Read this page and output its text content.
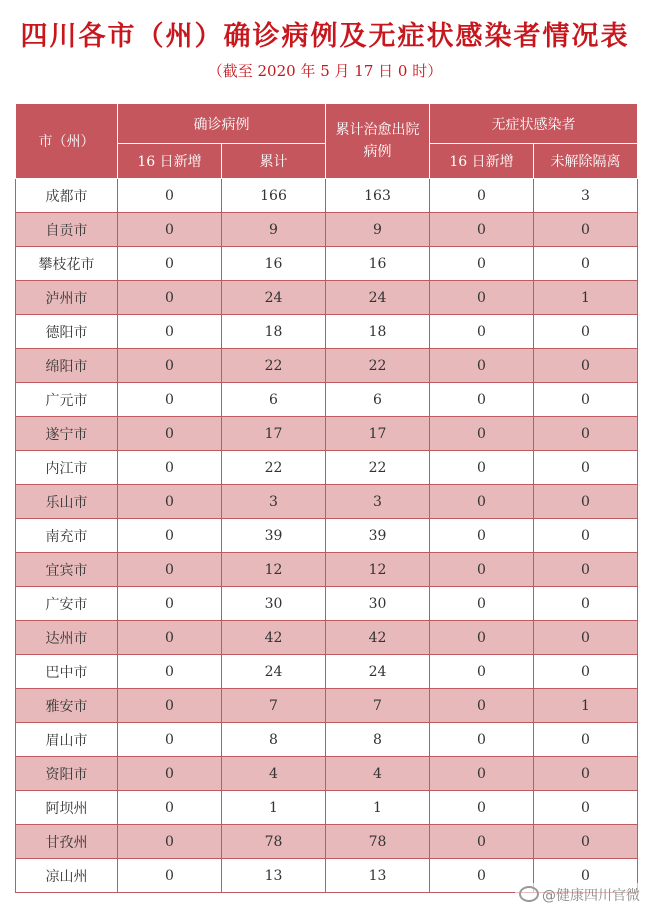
四川各市（州）确诊病例及无症状感染者情况表
（截至 2020 年 5 月 17 日 0 时）
市（州）	确诊病例		累计治愈出院病例	无症状感染者	
	16 日新增	累计		16 日新增	未解除隔离
成都市	0	166	163	0	3
自贡市	0	9	9	0	0
攀枝花市	0	16	16	0	0
泸州市	0	24	24	0	1
德阳市	0	18	18	0	0
绵阳市	0	22	22	0	0
广元市	0	6	6	0	0
遂宁市	0	17	17	0	0
内江市	0	22	22	0	0
乐山市	0	3	3	0	0
南充市	0	39	39	0	0
宜宾市	0	12	12	0	0
广安市	0	30	30	0	0
达州市	0	42	42	0	0
巴中市	0	24	24	0	0
雅安市	0	7	7	0	1
眉山市	0	8	8	0	0
资阳市	0	4	4	0	0
阿坝州	0	1	1	0	0
甘孜州	0	78	78	0	0
凉山州	0	13	13	0	0
@健康四川官微
